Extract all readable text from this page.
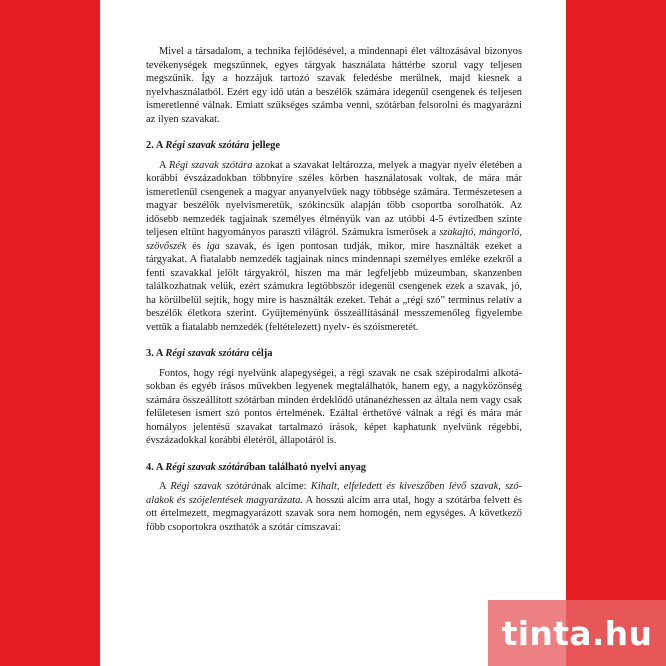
Mivel a társadalom, a technika fejlődésével, a mindennapi élet változásával bizonyos tevékenységek megszűnnek, egyes tárgyak használata háttérbe szorul vagy teljesen megszűnik. Így a hozzájuk tartozó szavak feledésbe merülnek, majd kiesnek a nyelvhasználatból. Ezért egy idő után a beszélők számára idegenül csengenek és teljesen ismeretlenné válnak. Emiatt szükséges számba venni, szótárban felsorolni és magyarázni az ilyen szavakat.

2. A Régi szavak szótára jellege

A Régi szavak szótára azokat a szavakat leltározza, melyek a magyar nyelv életében a korábbi évszázadokban többnyire széles körben használatosak voltak, de mára már ismeretlenül csengenek a magyar anyanyelvűek nagy többsége számára. Természetesen a magyar beszélők nyelvismeretük, szókincsük alapján több csoportba sorolhatók. Az idősebb nemzedék tagjainak személyes élményük van az utóbbi 4-5 évtizedben szinte teljesen eltűnt hagyományos paraszti világról. Számukra ismerősek a szakajtó, mángorló, szövőszék és iga szavak, és igen pontosan tudják, mikor, mire használták ezeket a tárgyakat. A fiatalabb nemzedék tagjainak nincs mindennapi személyes emléke ezekről a fenti szavakkal jelölt tárgyakról, hiszen ma már legfeljebb múzeumban, skanzenben találkozhatnak velük, ezért számukra legtöbbször idegenül csengenek ezek a szavak, jó, ha körülbelül sejtik, hogy mire is használták ezeket. Tehát a „régi szó” terminus relatív a beszélők életkora szerint. Gyűjteményünk összeállításánál messzemenőleg figyelembe vettük a fiatalabb nemzedék (feltételezett) nyelv- és szóismeretét.

3. A Régi szavak szótára célja

Fontos, hogy régi nyelvünk alapegységei, a régi szavak ne csak szépirodalmi alkotásokban és egyéb írásos művekben legyenek megtalálhatók, hanem egy, a nagyközönség számára összeállított szótárban minden érdeklődő utánanézhessen az általa nem vagy csak felületesen ismert szó pontos értelmének. Ezáltal érthetővé válnak a régi és mára már homályos jelentésű szavakat tartalmazó írások, képet kaphatunk nyelvünk régebbi, évszázadokkal korábbi életéről, állapotáról is.

4. A Régi szavak szótárában található nyelvi anyag

A Régi szavak szótárának alcíme: Kihalt, elfeledett és kiveszőben lévő szavak, szóalakok és szójelentések magyarázata. A hosszú alcím arra utal, hogy a szótárba felvett és ott értelmezett, megmagyarázott szavak sora nem homogén, nem egységes. A következő főbb csoportokra oszthatók a szótár címszavai:

tinta.hu
